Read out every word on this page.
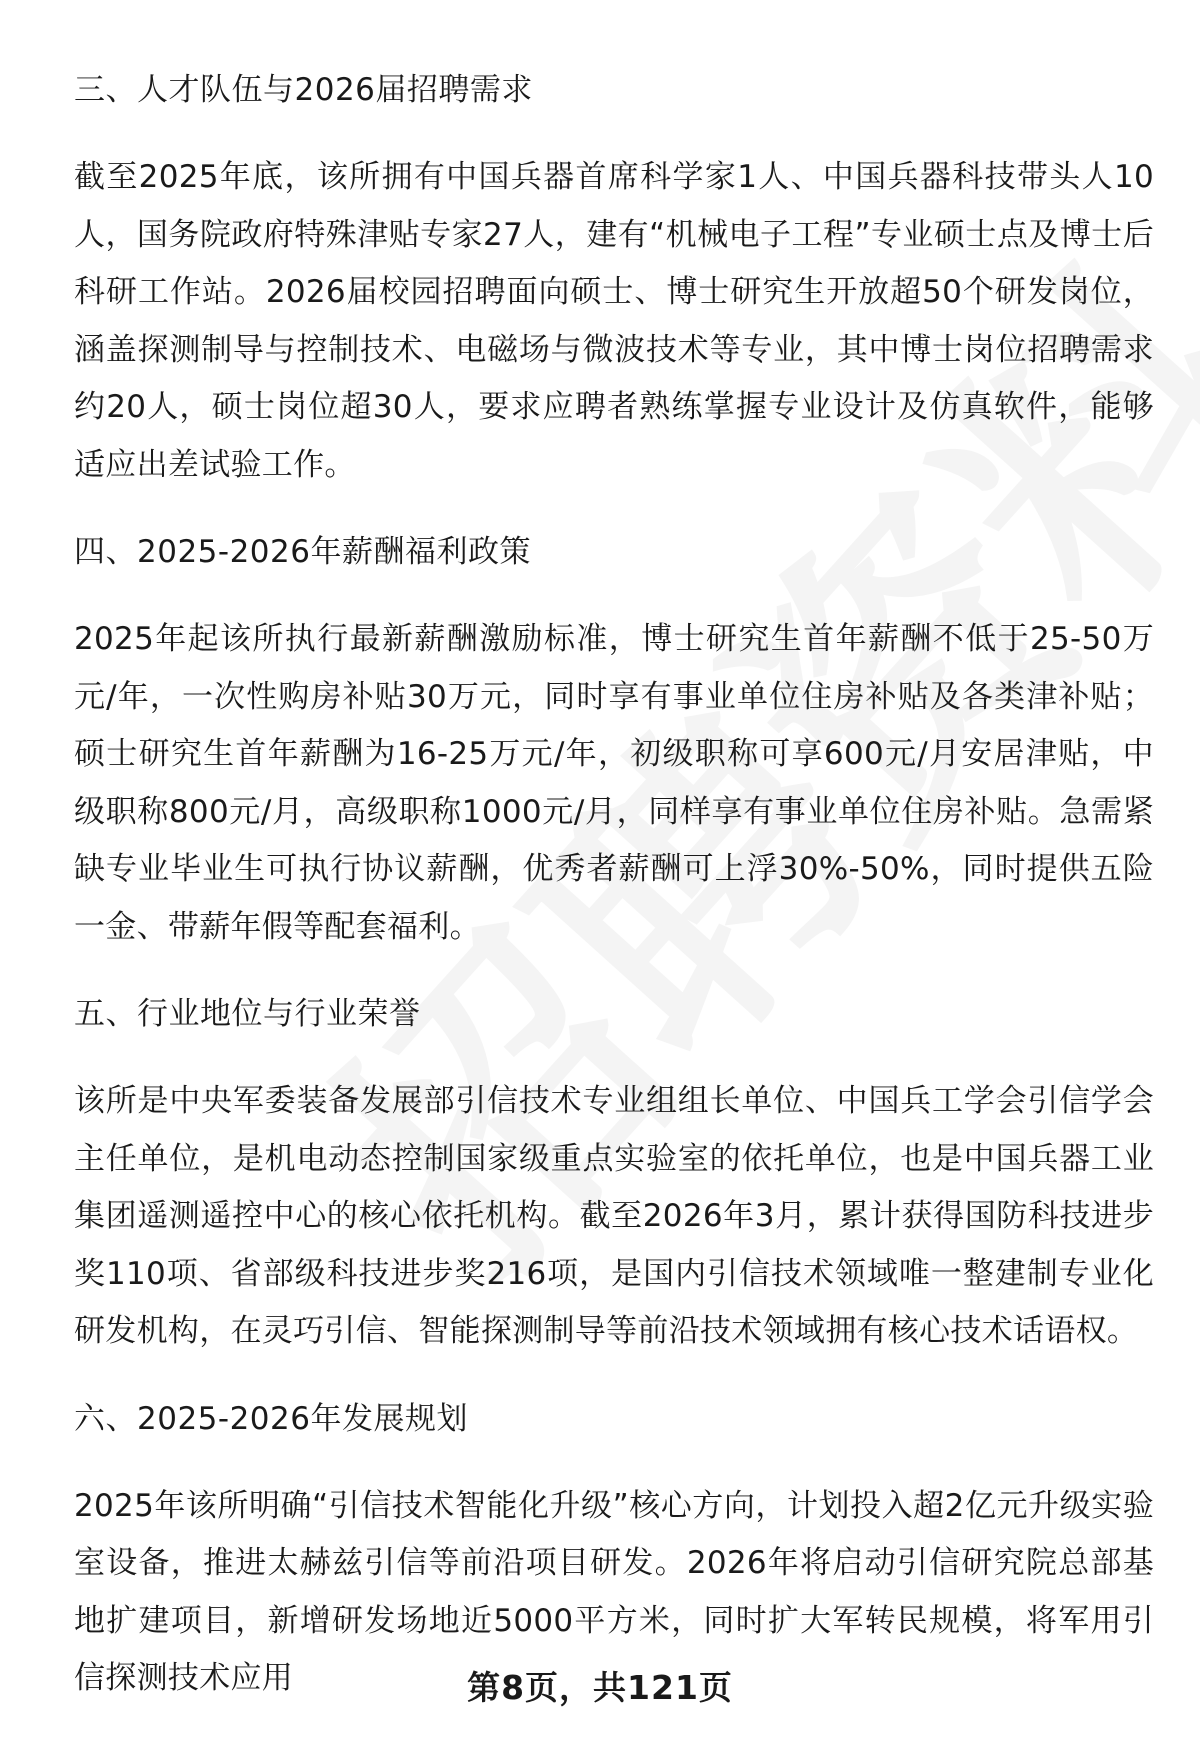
三、人才队伍与2026届招聘需求

截至2025年底，该所拥有中国兵器首席科学家1人、中国兵器科技带头人10人，国务院政府特殊津贴专家27人，建有“机械电子工程”专业硕士点及博士后科研工作站。2026届校园招聘面向硕士、博士研究生开放超50个研发岗位，涵盖探测制导与控制技术、电磁场与微波技术等专业，其中博士岗位招聘需求约20人，硕士岗位超30人，要求应聘者熟练掌握专业设计及仿真软件，能够适应出差试验工作。

四、2025-2026年薪酬福利政策

2025年起该所执行最新薪酬激励标准，博士研究生首年薪酬不低于25-50万元/年，一次性购房补贴30万元，同时享有事业单位住房补贴及各类津补贴；硕士研究生首年薪酬为16-25万元/年，初级职称可享600元/月安居津贴，中级职称800元/月，高级职称1000元/月，同样享有事业单位住房补贴。急需紧缺专业毕业生可执行协议薪酬，优秀者薪酬可上浮30%-50%，同时提供五险一金、带薪年假等配套福利。

五、行业地位与行业荣誉

该所是中央军委装备发展部引信技术专业组组长单位、中国兵工学会引信学会主任单位，是机电动态控制国家级重点实验室的依托单位，也是中国兵器工业集团遥测遥控中心的核心依托机构。截至2026年3月，累计获得国防科技进步奖110项、省部级科技进步奖216项，是国内引信技术领域唯一整建制专业化研发机构，在灵巧引信、智能探测制导等前沿技术领域拥有核心技术话语权。

六、2025-2026年发展规划

2025年该所明确“引信技术智能化升级”核心方向，计划投入超2亿元升级实验室设备，推进太赫兹引信等前沿项目研发。2026年将启动引信研究院总部基地扩建项目，新增研发场地近5000平方米，同时扩大军转民规模，将军用引信探测技术应用	第8页，共121页
